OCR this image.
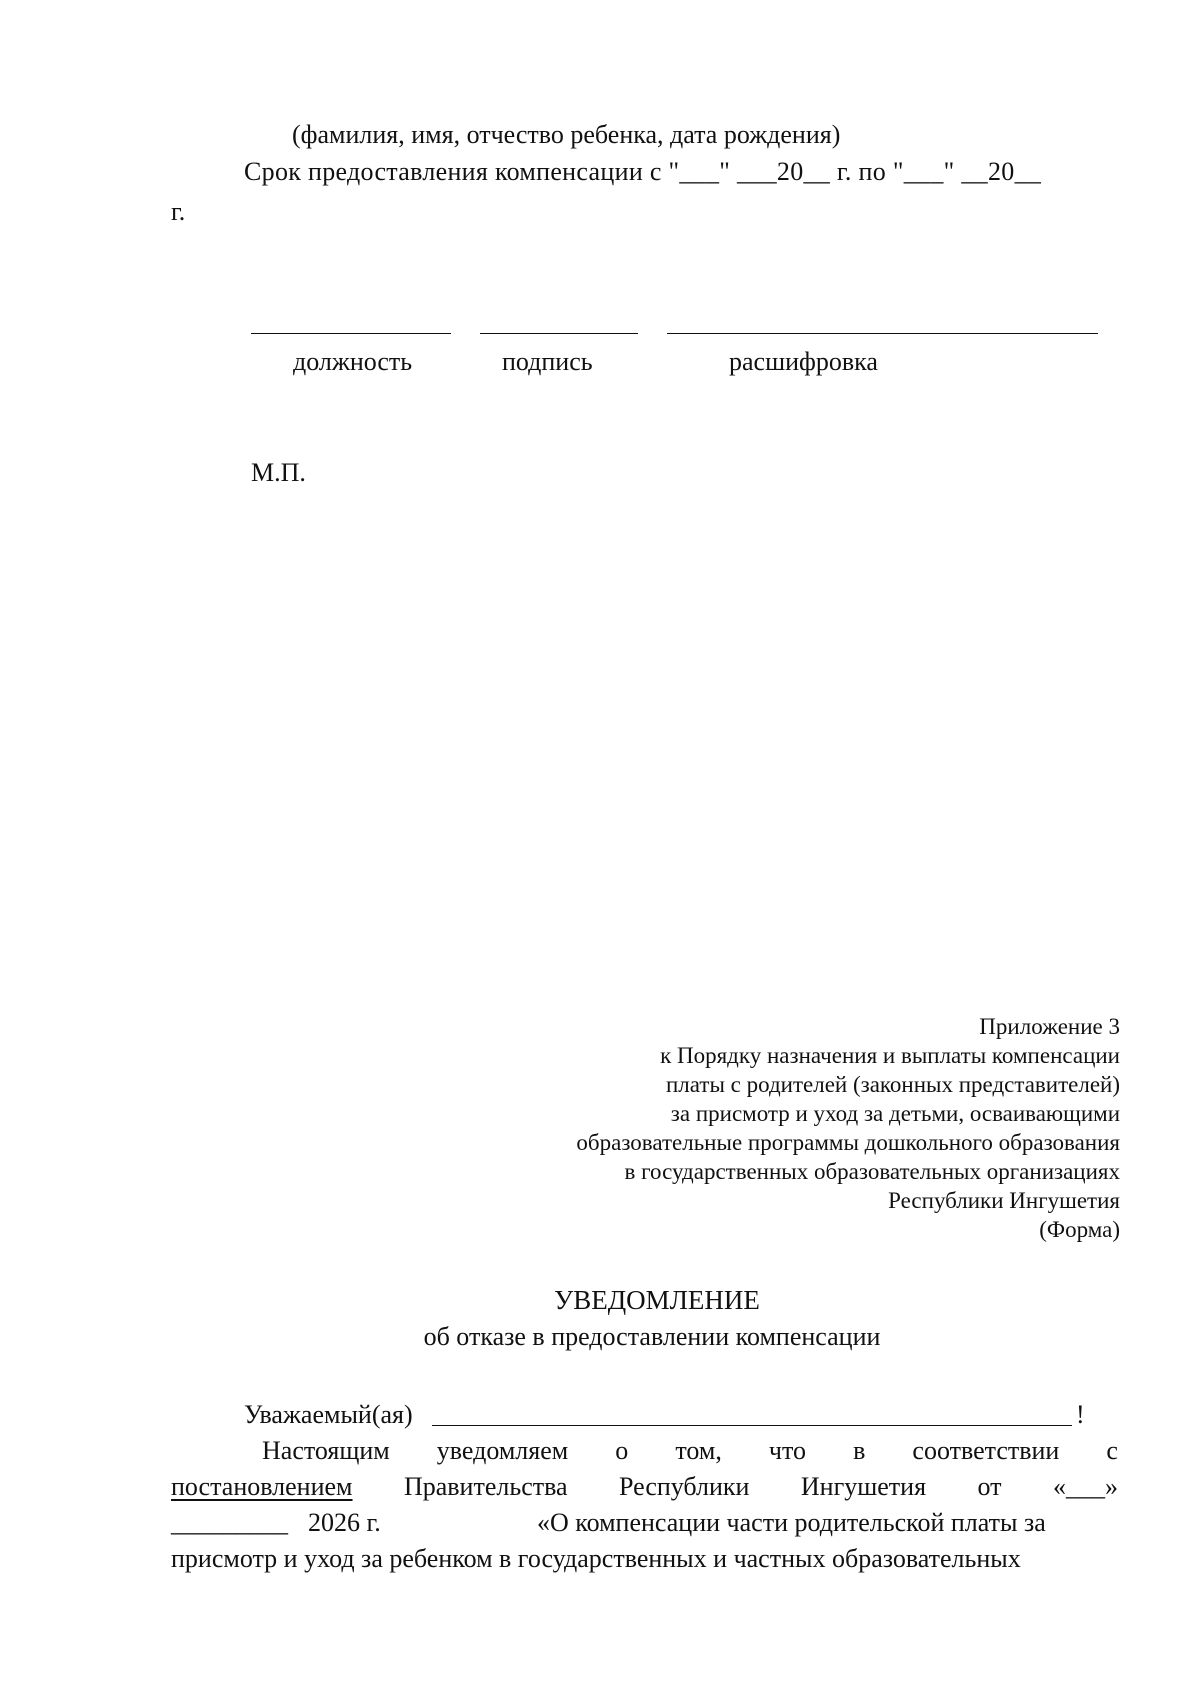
(фамилия, имя, отчество ребенка, дата рождения)
Срок предоставления компенсации с "___" ___20__ г. по "___" __20__
г.
должность	подпись	расшифровка
М.П.
Приложение 3
к Порядку назначения и выплаты компенсации
платы с родителей (законных представителей)
за присмотр и уход за детьми, осваивающими
образовательные программы дошкольного образования
в государственных образовательных организациях
Республики Ингушетия
(Форма)
УВЕДОМЛЕНИЕ
об отказе в предоставлении компенсации
Уважаемый(ая)	!
Настоящим уведомляем о том, что в соответствии с
постановлением Правительства Республики Ингушетия от «___»
_________ 2026 г.	«О компенсации части родительской платы за
присмотр и уход за ребенком в государственных и частных образовательных
